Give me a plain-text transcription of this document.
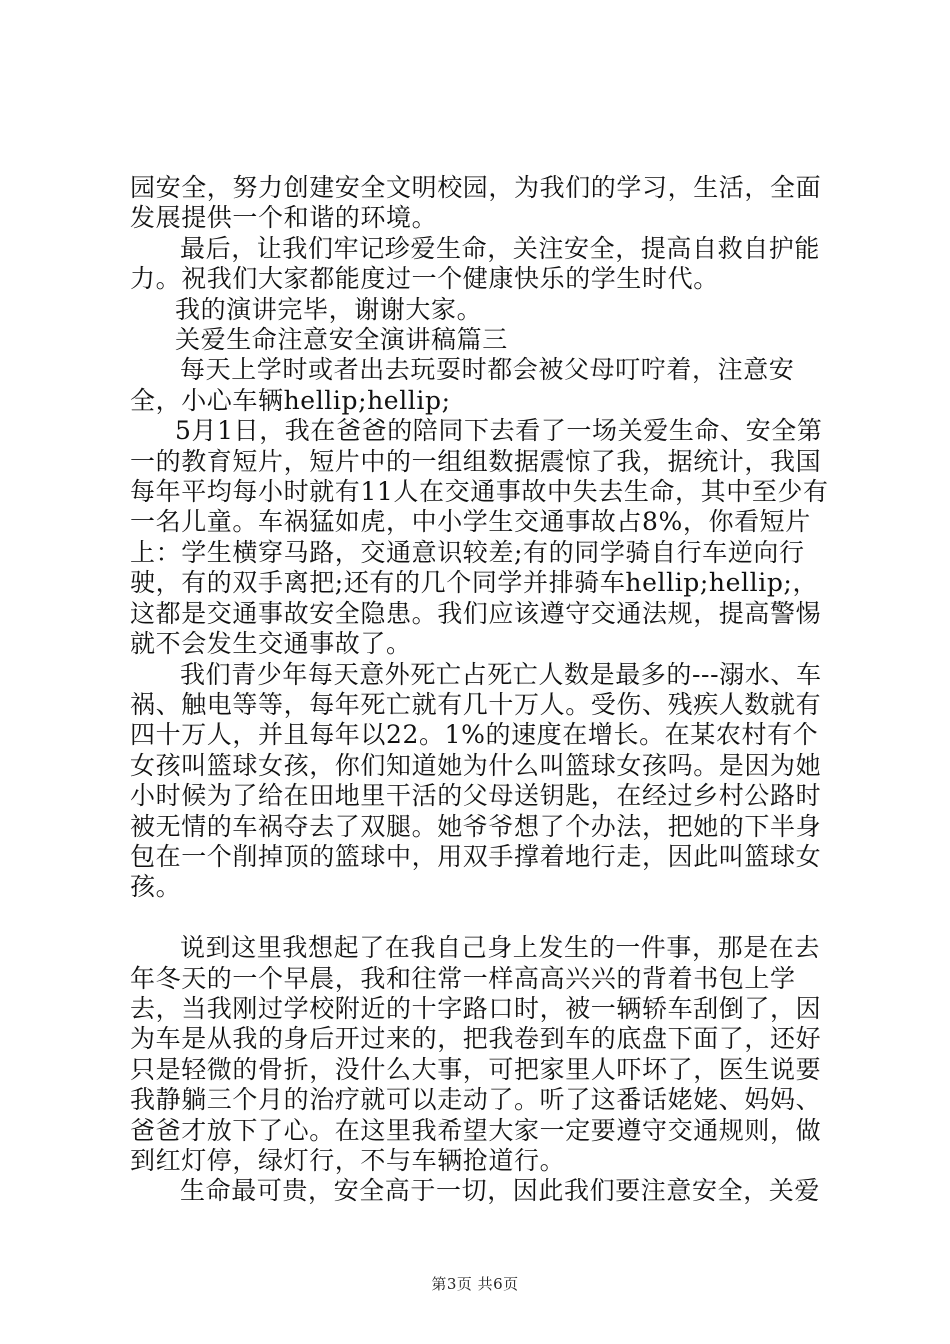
园安全，努力创建安全文明校园，为我们的学习，生活，全面发展提供一个和谐的环境。

最后，让我们牢记珍爱生命，关注安全，提高自救自护能力。祝我们大家都能度过一个健康快乐的学生时代。

我的演讲完毕，谢谢大家。

关爱生命注意安全演讲稿篇三

每天上学时或者出去玩耍时都会被父母叮咛着，注意安全，小心车辆hellip;hellip;

5月1日，我在爸爸的陪同下去看了一场关爱生命、安全第一的教育短片，短片中的一组组数据震惊了我，据统计，我国每年平均每小时就有11人在交通事故中失去生命，其中至少有一名儿童。车祸猛如虎，中小学生交通事故占8%，你看短片上：学生横穿马路，交通意识较差;有的同学骑自行车逆向行驶，有的双手离把;还有的几个同学并排骑车hellip;hellip;，这都是交通事故安全隐患。我们应该遵守交通法规，提高警惕就不会发生交通事故了。

我们青少年每天意外死亡占死亡人数是最多的---溺水、车祸、触电等等，每年死亡就有几十万人。受伤、残疾人数就有四十万人，并且每年以22。1%的速度在增长。在某农村有个女孩叫篮球女孩，你们知道她为什么叫篮球女孩吗。是因为她小时候为了给在田地里干活的父母送钥匙，在经过乡村公路时被无情的车祸夺去了双腿。她爷爷想了个办法，把她的下半身包在一个削掉顶的篮球中，用双手撑着地行走，因此叫篮球女孩。

说到这里我想起了在我自己身上发生的一件事，那是在去年冬天的一个早晨，我和往常一样高高兴兴的背着书包上学去，当我刚过学校附近的十字路口时，被一辆轿车刮倒了，因为车是从我的身后开过来的，把我卷到车的底盘下面了，还好只是轻微的骨折，没什么大事，可把家里人吓坏了，医生说要我静躺三个月的治疗就可以走动了。听了这番话姥姥、妈妈、爸爸才放下了心。在这里我希望大家一定要遵守交通规则，做到红灯停，绿灯行，不与车辆抢道行。

生命最可贵，安全高于一切，因此我们要注意安全，关爱

第3页 共6页
